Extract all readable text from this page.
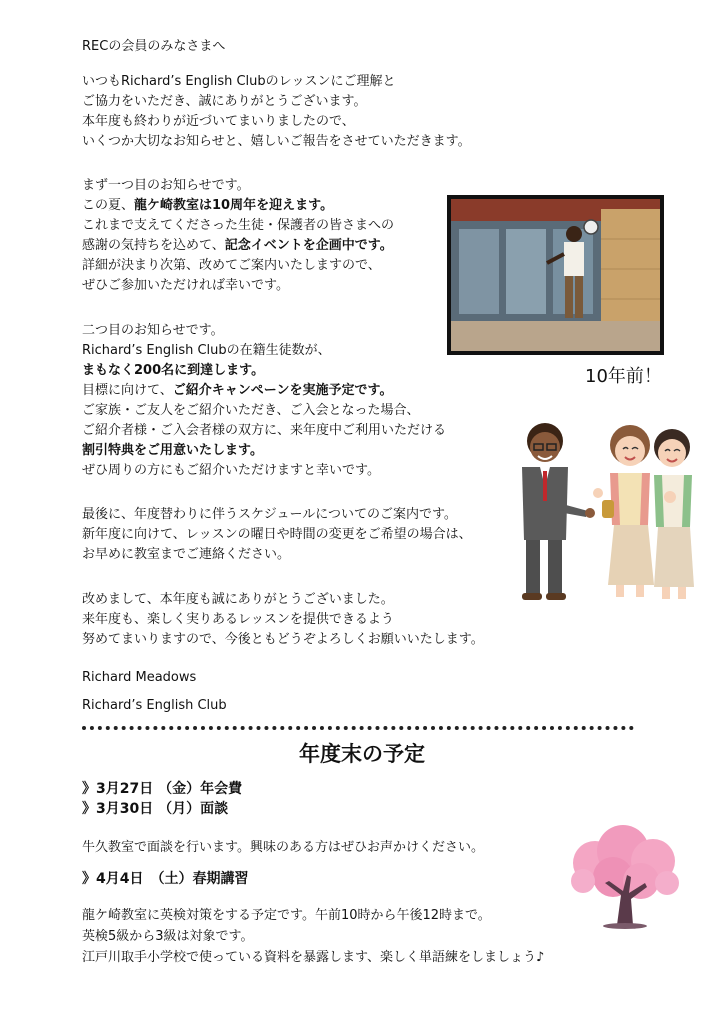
RECの会員のみなさまへ
いつもRichard’s English Clubのレッスンにご理解と
ご協力をいただき、誠にありがとうございます。
本年度も終わりが近づいてまいりましたので、
いくつか大切なお知らせと、嬉しいご報告をさせていただきます。
まず一つ目のお知らせです。
この夏、龍ケ崎教室は10周年を迎えます。
これまで支えてくださった生徒・保護者の皆さまへの
感謝の気持ちを込めて、記念イベントを企画中です。
詳細が決まり次第、改めてご案内いたしますので、
ぜひご参加いただければ幸いです。
二つ目のお知らせです。
Richard’s English Clubの在籍生徒数が、
まもなく200名に到達します。
目標に向けて、ご紹介キャンペーンを実施予定です。
ご家族・ご友人をご紹介いただき、ご入会となった場合、
ご紹介者様・ご入会者様の双方に、来年度中ご利用いただける
割引特典をご用意いたします。
ぜひ周りの方にもご紹介いただけますと幸いです。
最後に、年度替わりに伴うスケジュールについてのご案内です。
新年度に向けて、レッスンの曜日や時間の変更をご希望の場合は、
お早めに教室までご連絡ください。
改めまして、本年度も誠にありがとうございました。
来年度も、楽しく実りあるレッスンを提供できるよう
努めてまいりますので、今後ともどうぞよろしくお願いいたします。
Richard Meadows
Richard’s English Club
10年前！
年度末の予定
》3月27日 （金）年会費
》3月30日 （月）面談
牛久教室で面談を行います。興味のある方はぜひお声かけください。
》4月4日　（土）春期講習
龍ケ崎教室に英検対策をする予定です。午前10時から午後12時まで。
英検5級から3級は対象です。
江戸川取手小学校で使っている資料を暴露します、楽しく単語練をしましょう♪
